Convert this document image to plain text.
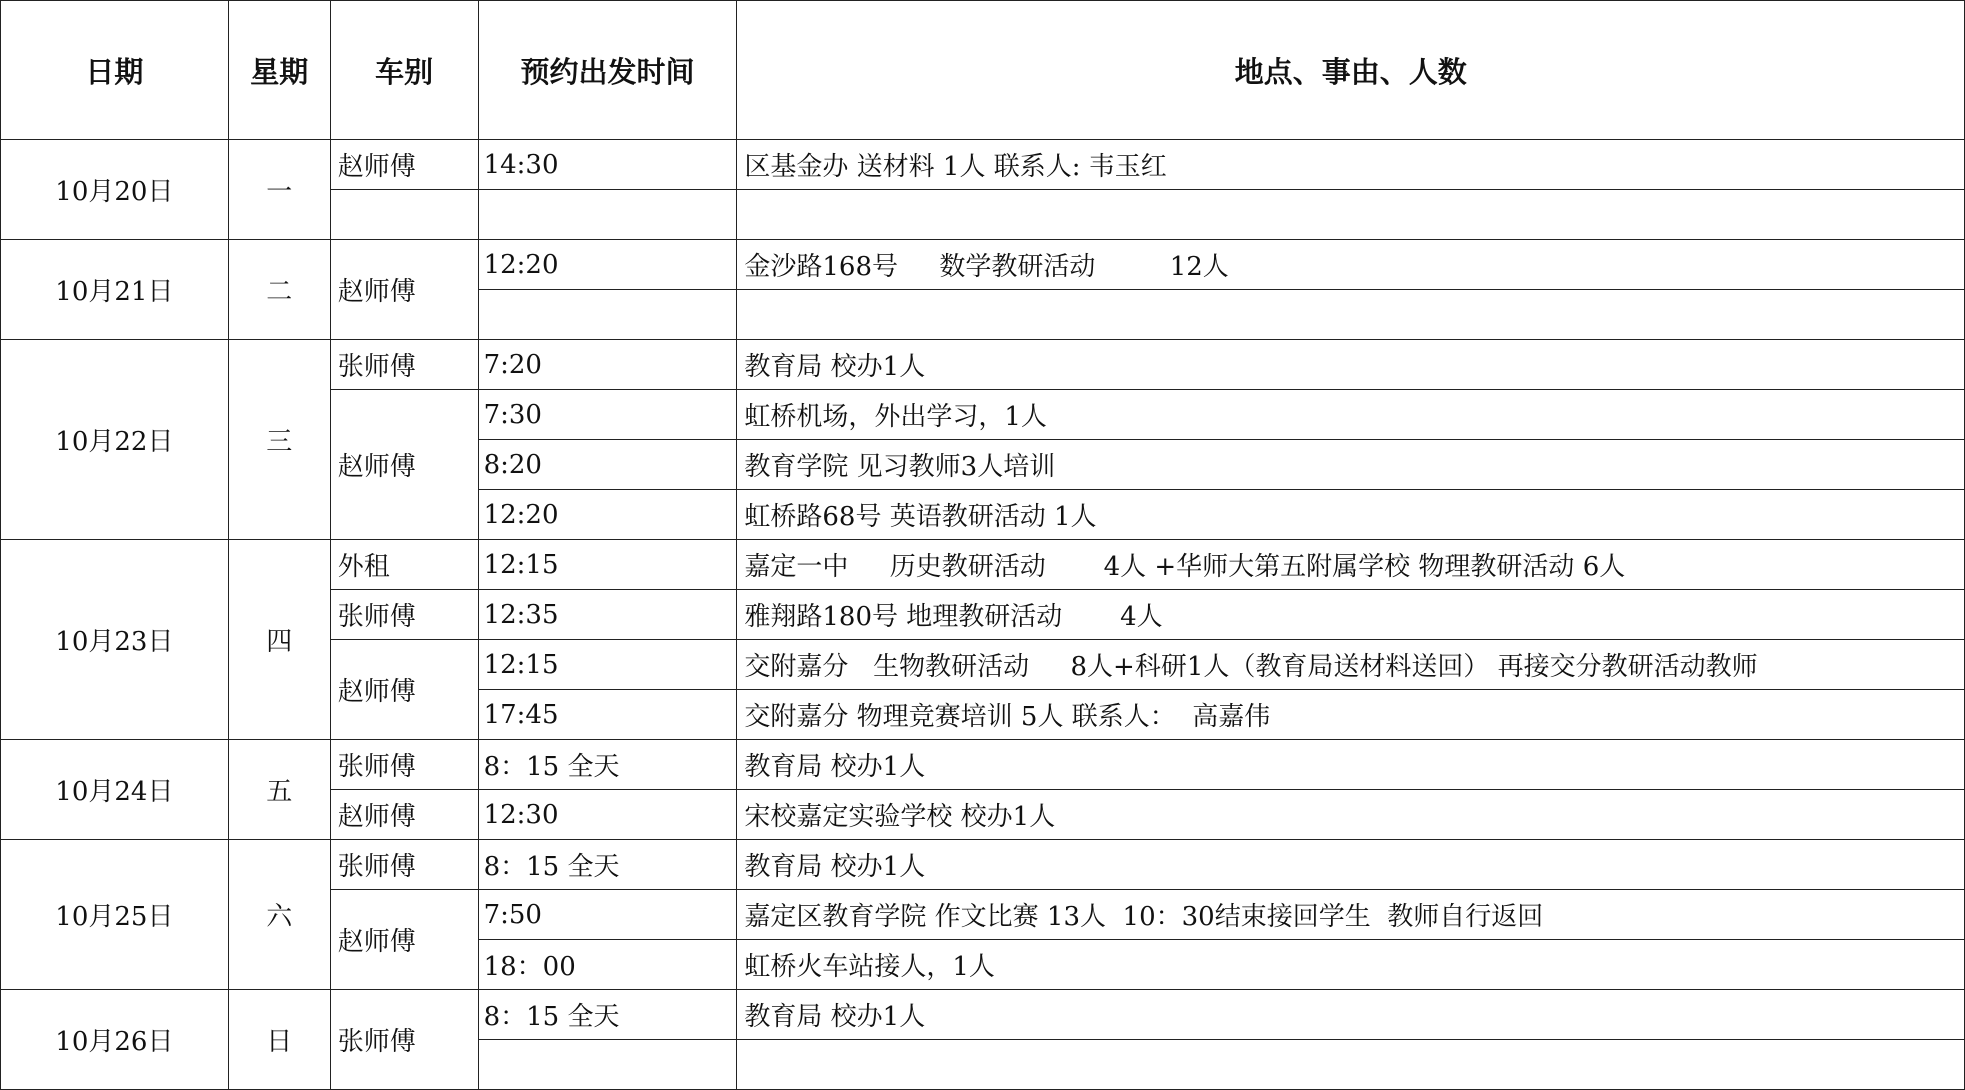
日期	星期	车别	预约出发时间	地点、事由、人数
10月20日	一	赵师傅	14:30	区基金办 送材料 1人 联系人: 韦玉红

10月21日	二	赵师傅	12:20	金沙路168号     数学教研活动         12人

10月22日	三	张师傅	7:20	教育局 校办1人
		赵师傅	7:30	虹桥机场，外出学习，1人
			8:20	教育学院 见习教师3人培训
			12:20	虹桥路68号 英语教研活动 1人
10月23日	四	外租	12:15	嘉定一中     历史教研活动       4人 +华师大第五附属学校 物理教研活动 6人
		张师傅	12:35	雅翔路180号 地理教研活动       4人
		赵师傅	12:15	交附嘉分   生物教研活动     8人+科研1人（教育局送材料送回） 再接交分教研活动教师
			17:45	交附嘉分 物理竞赛培训 5人 联系人：  高嘉伟
10月24日	五	张师傅	8：15 全天	教育局 校办1人
		赵师傅	12:30	宋校嘉定实验学校 校办1人
10月25日	六	张师傅	8：15 全天	教育局 校办1人
		赵师傅	7:50	嘉定区教育学院 作文比赛 13人  10：30结束接回学生  教师自行返回
			18：00	虹桥火车站接人，1人
10月26日	日	张师傅	8：15 全天	教育局 校办1人
